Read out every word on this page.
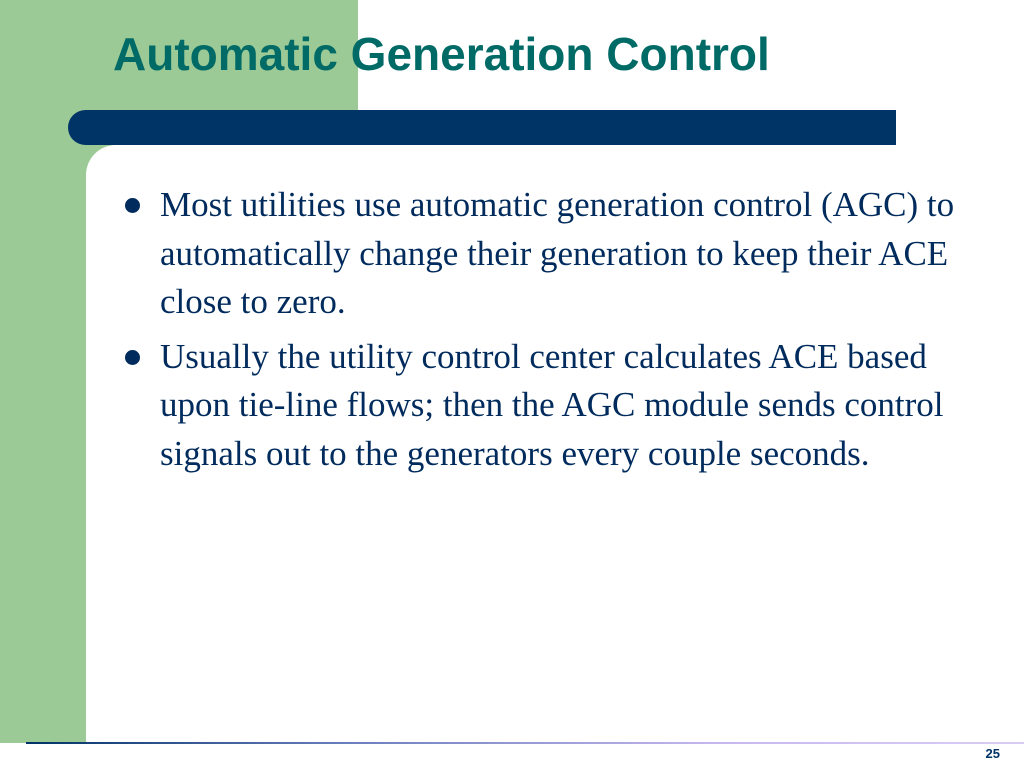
Automatic Generation Control
Most utilities use automatic generation control (AGC) to automatically change their generation to keep their ACE close to zero.
Usually the utility control center calculates ACE based upon tie-line flows; then the AGC module sends control signals out to the generators every couple seconds.
25
